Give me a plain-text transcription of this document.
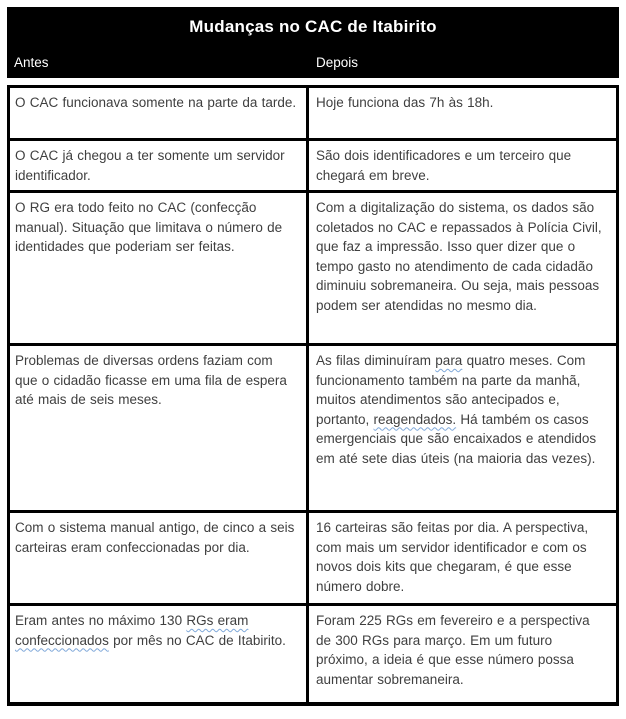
Mudanças no CAC de Itabirito
Antes	Depois
O CAC funcionava somente na parte da tarde.	Hoje funciona das 7h às 18h.
O CAC já chegou a ter somente um servidor identificador.
São dois identificadores e um terceiro que chegará em breve.
O RG era todo feito no CAC (confecção manual). Situação que limitava o número de identidades que poderiam ser feitas.
Com a digitalização do sistema, os dados são coletados no CAC e repassados à Polícia Civil, que faz a impressão. Isso quer dizer que o tempo gasto no atendimento de cada cidadão diminuiu sobremaneira. Ou seja, mais pessoas podem ser atendidas no mesmo dia.
Problemas de diversas ordens faziam com que o cidadão ficasse em uma fila de espera até mais de seis meses.
As filas diminuíram para quatro meses. Com funcionamento também na parte da manhã, muitos atendimentos são antecipados e, portanto, reagendados. Há também os casos emergenciais que são encaixados e atendidos em até sete dias úteis (na maioria das vezes).
Com o sistema manual antigo, de cinco a seis carteiras eram confeccionadas por dia.
16 carteiras são feitas por dia. A perspectiva, com mais um servidor identificador e com os novos dois kits que chegaram, é que esse número dobre.
Eram antes no máximo 130 RGs eram confeccionados por mês no CAC de Itabirito.
Foram 225 RGs em fevereiro e a perspectiva de 300 RGs para março. Em um futuro próximo, a ideia é que esse número possa aumentar sobremaneira.
